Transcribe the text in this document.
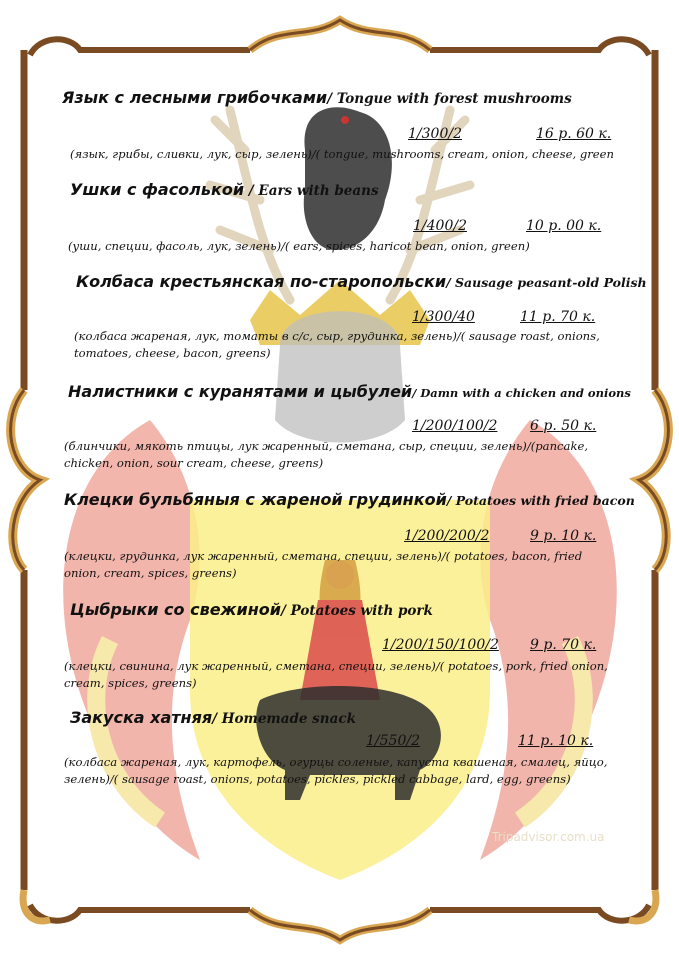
Tripadvisor.com.ua
Язык с лесными грибочками/ Tongue with forest mushrooms
1/300/2	16 р. 60 к.
(язык, грибы, сливки, лук, сыр, зелень)/( tongue, mushrooms, cream, onion, cheese, green
Ушки с фасолькой / Ears with beans
1/400/2	10 р. 00 к.
(уши, специи, фасоль, лук, зелень)/( ears, spices, haricot bean, onion, green)
Колбаса крестьянская по-старопольски/ Sausage peasant-old Polish
1/300/40	11 р. 70 к.
(колбаса жареная, лук, томаты в с/с, сыр, грудинка, зелень)/( sausage roast, onions, tomatoes, cheese, bacon, greens)
Налистники с куранятами и цыбулей/ Damn with a chicken and onions
1/200/100/2 6 р. 50 к.
(блинчики, мякоть птицы, лук жаренный, сметана, сыр, специи, зелень)/(pancake, chicken, onion, sour cream, cheese, greens)
Клецки бульбяныя с жареной грудинкой/ Potatoes with fried bacon
1/200/200/2	9 р. 10 к.
(клецки, грудинка, лук жаренный, сметана, специи, зелень)/( potatoes, bacon, fried onion, cream, spices, greens)
Цыбрыки со свежиной/ Potatoes with pork
1/200/150/100/2 9 р. 70 к.
(клецки, свинина, лук жаренный, сметана, специи, зелень)/( potatoes, pork, fried onion, cream, spices, greens)
Закуска хатняя/ Homemade snack
1/550/2	11 р. 10 к.
(колбаса жареная, лук, картофель, огурцы соленые, капуста квашеная, смалец, яйцо, зелень)/( sausage roast, onions, potatoes, pickles, pickled cabbage, lard, egg, greens)
